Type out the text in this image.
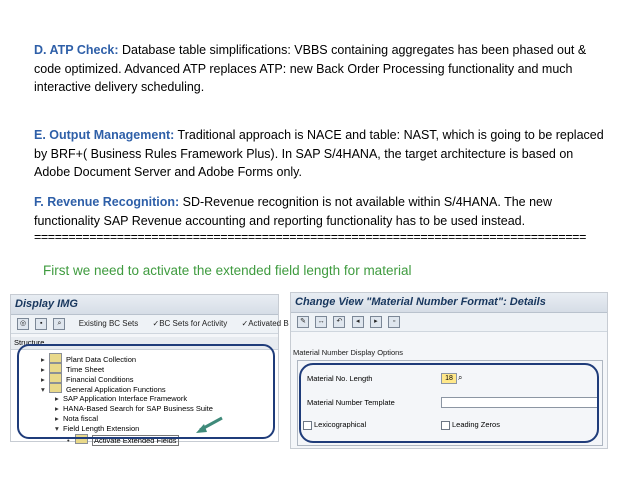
D. ATP Check: Database table simplifications: VBBS containing aggregates has been phased out & code optimized. Advanced ATP replaces ATP: new Back Order Processing functionality and much interactive delivery scheduling.

E. Output Management: Traditional approach is NACE and table: NAST, which is going to be replaced by BRF+( Business Rules Framework Plus). In SAP S/4HANA, the target architecture is based on Adobe Document Server and Adobe Forms only.

F. Revenue Recognition: SD-Revenue recognition is not available within S/4HANA. The new functionality SAP Revenue accounting and reporting functionality has to be used instead.

================================================================================
First we need to activate the extended field length for material
Display IMG
◎ ▪ ⌕ Existing BC Sets ✓BC Sets for Activity ✓Activated B
Structure
▸	Plant Data Collection
▸	Time Sheet
▸	Financial Conditions
▾	General Application Functions
▸ SAP Application Interface Framework
▸ HANA-Based Search for SAP Business Suite
▸ Nota fiscal
▾ Field Length Extension
•	Activate Extended Fields
Change View "Material Number Format": Details
✎ ↔ ↶ ◂ ▸ ▫
Material Number Display Options
Material No. Length	18 ⌕
Material Number Template
Lexicographical	Leading Zeros
